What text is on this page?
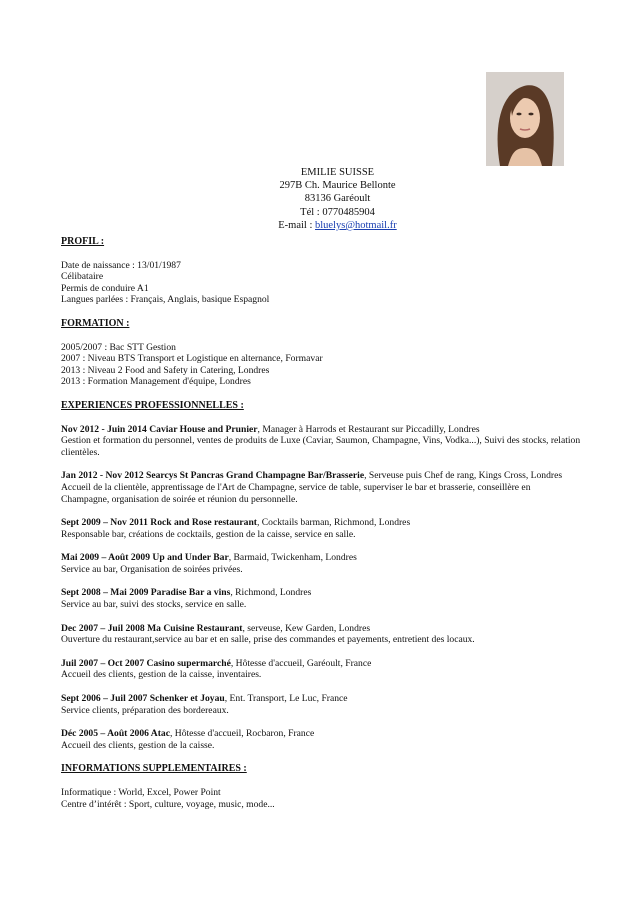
EMILIE SUISSE
297B Ch. Maurice Bellonte
83136 Garéoult
Tél : 0770485904
E-mail : bluelys@hotmail.fr
PROFIL :
Date de naissance : 13/01/1987
Célibataire
Permis de conduire A1
Langues parlées : Français, Anglais, basique Espagnol
FORMATION :
2005/2007 : Bac STT Gestion
2007 : Niveau BTS Transport et Logistique en alternance, Formavar
2013 : Niveau 2 Food and Safety in Catering, Londres
2013 : Formation Management d'équipe, Londres
EXPERIENCES PROFESSIONNELLES :
Nov 2012 - Juin 2014 Caviar House and Prunier, Manager à Harrods et Restaurant sur Piccadilly, Londres
Gestion et formation du personnel, ventes de produits de Luxe (Caviar, Saumon, Champagne, Vins, Vodka...), Suivi des stocks, relation clientèles.
Jan 2012 - Nov 2012 Searcys St Pancras Grand Champagne Bar/Brasserie, Serveuse puis Chef de rang, Kings Cross, Londres
Accueil de la clientèle, apprentissage de l'Art de Champagne, service de table, superviser le bar et brasserie, conseillère en Champagne, organisation de soirée et réunion du personnelle.
Sept 2009 – Nov 2011 Rock and Rose restaurant, Cocktails barman, Richmond, Londres
Responsable bar, créations de cocktails, gestion de la caisse, service en salle.
Mai 2009 – Août 2009 Up and Under Bar, Barmaid, Twickenham, Londres
Service au bar, Organisation de soirées privées.
Sept 2008 – Mai 2009 Paradise Bar a vins, Richmond, Londres
Service au bar, suivi des stocks, service en salle.
Dec 2007 – Juil 2008 Ma Cuisine Restaurant, serveuse, Kew Garden, Londres
Ouverture du restaurant,service au bar et en salle, prise des commandes et payements, entretient des locaux.
Juil 2007 – Oct 2007 Casino supermarché, Hôtesse d'accueil, Garéoult, France
Accueil des clients, gestion de la caisse, inventaires.
Sept 2006 – Juil 2007 Schenker et Joyau, Ent. Transport, Le Luc, France
Service clients, préparation des bordereaux.
Déc 2005 – Août 2006 Atac, Hôtesse d'accueil, Rocbaron, France
Accueil des clients, gestion de la caisse.
INFORMATIONS SUPPLEMENTAIRES :
Informatique : World, Excel, Power Point
Centre d’intérêt : Sport, culture, voyage, music, mode...
